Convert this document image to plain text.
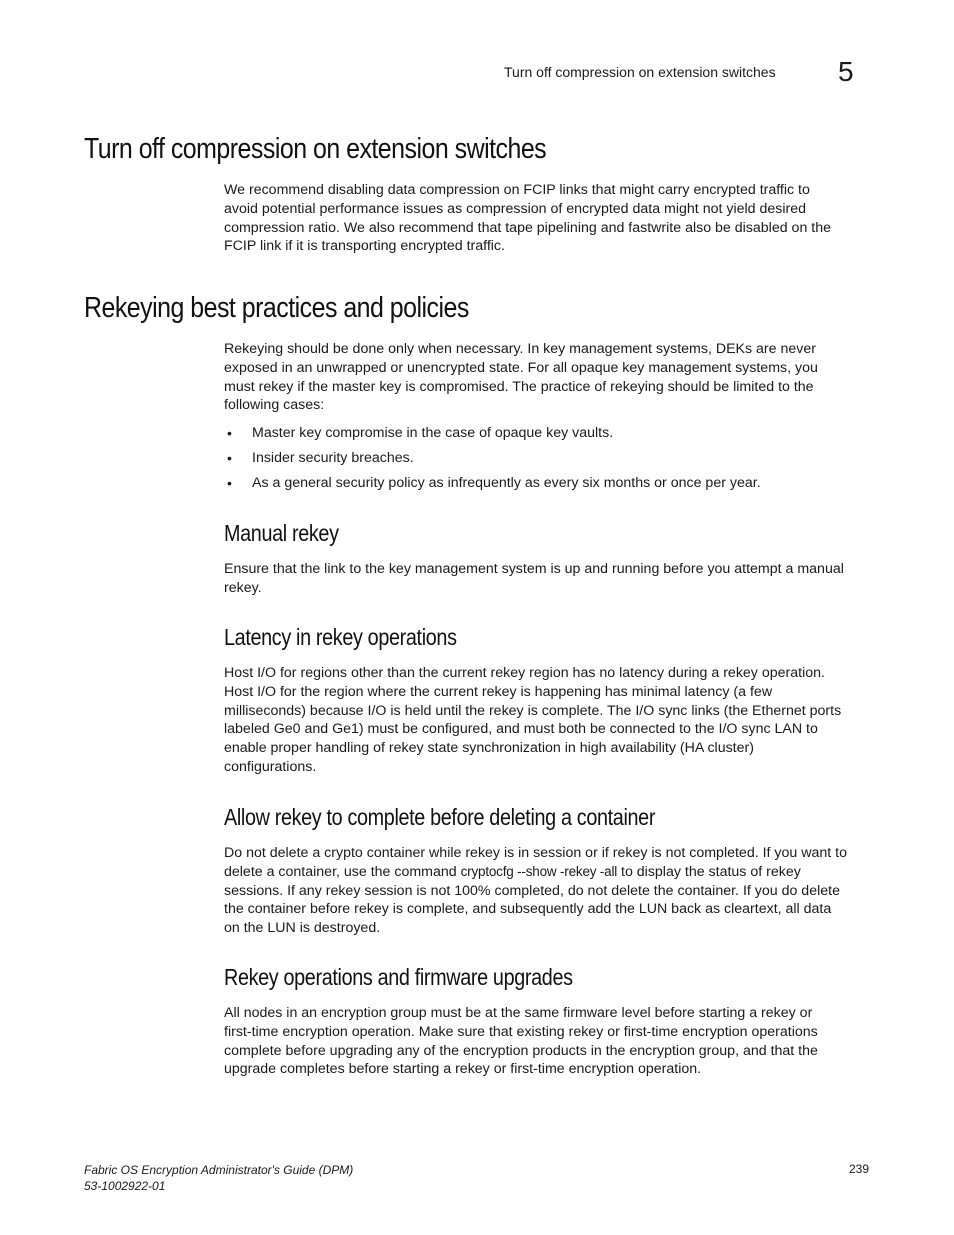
Turn off compression on extension switches 5
Turn off compression on extension switches

We recommend disabling data compression on FCIP links that might carry encrypted traffic to
avoid potential performance issues as compression of encrypted data might not yield desired
compression ratio. We also recommend that tape pipelining and fastwrite also be disabled on the
FCIP link if it is transporting encrypted traffic.

Rekeying best practices and policies

Rekeying should be done only when necessary. In key management systems, DEKs are never
exposed in an unwrapped or unencrypted state. For all opaque key management systems, you
must rekey if the master key is compromised. The practice of rekeying should be limited to the
following cases:

• Master key compromise in the case of opaque key vaults.
• Insider security breaches.
• As a general security policy as infrequently as every six months or once per year.
Manual rekey

Ensure that the link to the key management system is up and running before you attempt a manual
rekey.

Latency in rekey operations

Host I/O for regions other than the current rekey region has no latency during a rekey operation.
Host I/O for the region where the current rekey is happening has minimal latency (a few
milliseconds) because I/O is held until the rekey is complete. The I/O sync links (the Ethernet ports
labeled Ge0 and Ge1) must be configured, and must both be connected to the I/O sync LAN to
enable proper handling of rekey state synchronization in high availability (HA cluster)
configurations.

Allow rekey to complete before deleting a container

Do not delete a crypto container while rekey is in session or if rekey is not completed. If you want to
delete a container, use the command cryptocfg --show -rekey -all to display the status of rekey
sessions. If any rekey session is not 100% completed, do not delete the container. If you do delete
the container before rekey is complete, and subsequently add the LUN back as cleartext, all data
on the LUN is destroyed.

Rekey operations and firmware upgrades

All nodes in an encryption group must be at the same firmware level before starting a rekey or
first-time encryption operation. Make sure that existing rekey or first-time encryption operations
complete before upgrading any of the encryption products in the encryption group, and that the
upgrade completes before starting a rekey or first-time encryption operation.

Fabric OS Encryption Administrator's Guide (DPM)
53-1002922-01
239
